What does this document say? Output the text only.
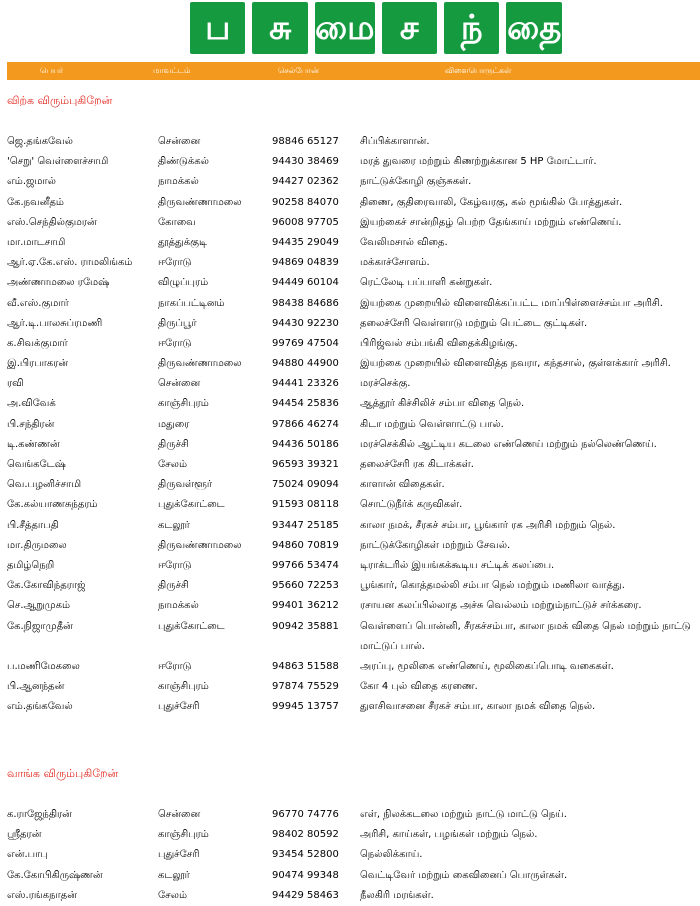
ப	சு மை ச	ந் தை
பெயர்	மாவட்டம்	செல்போன்	விளைபொருட்கள்
விற்க விரும்புகிறேன்
ஜெ.தங்கவேல்	சென்னை	98846 65127	சிப்பிக்காளான்.
'செறு' வெள்ளைச்சாமி	திண்டுக்கல்	94430 38469	மரத் துவரை மற்றும் கிணற்றுக்கான 5 HP மோட்டார்.
எம்.ஜமால்	நாமக்கல்	94427 02362	நாட்டுக்கோழி குஞ்சுகள்.
கே.நவனீதம்	திருவண்ணாமலை	90258 84070	திணை, குதிரைவாலி, கேழ்வரகு, கல் மூங்கில் போத்துகள்.
எஸ்.செந்தில்குமரன்	கோவை	96008 97705	இயற்கைச் சான்றிதழ் பெற்ற தேங்காய் மற்றும் எண்ணெய்.
மா.மாடசாமி	தூத்துக்குடி	94435 29049	வேலிமசால் விதை.
ஆர்.ஏ.கே.எஸ். ராமலிங்கம்	ஈரோடு	94869 04839	மக்காச்சோளம்.
அண்ணாமலை ரமேஷ்	விழுப்புரம்	94449 60104	ரெட்லேடி பப்பாளி கன்றுகள்.
வீ.எஸ்.குமார்	நாகப்பட்டினம்	98438 84686	இயற்கை முறையில் விளைவிக்கப்பட்ட மாப்பிள்ளைச்சம்பா அரிசி.
ஆர்.டி.பாலசுப்ரமணி	திருப்பூர்	94430 92230	தலைச்சேரி வெள்ளாடு மற்றும் பெட்டை குட்டிகள்.
க.சிவக்குமார்	ஈரோடு	99769 47504	பிரிஜ்வல் சம்பங்கி விதைக்கிழங்கு.
இ.பிரபாகரன்	திருவண்ணாமலை	94880 44900	இயற்கை முறையில் விளைவித்த நவரா, கந்தசால், குள்ளக்கார் அரிசி.
ரவி	சென்னை	94441 23326	மரச்செக்கு.
அ.விவேக்	காஞ்சிபுரம்	94454 25836	ஆத்தூர் கிச்சிலிச் சம்பா விதை நெல்.
பி.சந்திரன்	மதுரை	97866 46274	கிடா மற்றும் வெள்ளாட்டு பால்.
டி.கண்ணன்	திருச்சி	94436 50186	மரச்செக்கில் ஆட்டிய கடலை எண்ணெய் மற்றும் நல்லெண்ணெய்.
வெங்கடேஷ்	சேலம்	96593 39321	தலைச்சேரி ரக கிடாக்கள்.
வெ.பழனிச்சாமி	திருவள்ளூர்	75024 09094	காளான் விதைகள்.
கே.கல்யாணசுந்தரம்	புதுக்கோட்டை	91593 08118	சொட்டுநீர்க் கருவிகள்.
பி.சீத்தாபதி	கடலூர்	93447 25185	காலா நமக், சீரகச் சம்பா, பூங்கார் ரக அரிசி மற்றும் நெல்.
மா.திருமலை	திருவண்ணாமலை	94860 70819	நாட்டுக்கோழிகள் மற்றும் சேவல்.
தமிழ்நெறி	ஈரோடு	99766 53474	டிராக்டரில் இயங்கக்கூடிய சட்டிக் கலப்பை.
கே.கோவிந்தராஜ்	திருச்சி	95660 72253	பூங்கார், கொத்தமல்லி சம்பா நெல் மற்றும் மணிலா வாத்து.
செ.ஆறுமுகம்	நாமக்கல்	99401 36212	ரசாயன கலப்பில்லாத அச்சு வெல்லம் மற்றும்நாட்டுச் சர்க்கரை.
கே.நிஜாமுதீன்	புதுக்கோட்டை	90942 35881	வெள்ளைப் பொன்னி, சீரகச்சம்பா, காலா நமக் விதை நெல் மற்றும் நாட்டு மாட்டுப் பால்.
ப.மணிமேகலை	ஈரோடு	94863 51588	அரப்பு, மூலிகை எண்ணெய், மூலிகைப்பொடி வகைகள்.
பி.ஆனந்தன்	காஞ்சிபுரம்	97874 75529	கோ 4 புல் விதை கரணை.
எம்.தங்கவேல்	புதுச்சேரி	99945 13757	துளசிவாசனை சீரகச் சம்பா, காலா நமக் விதை நெல்.
வாங்க விரும்புகிறேன்
க.ராஜேந்திரன்	சென்னை	96770 74776	எள், நிலக்கடலை மற்றும் நாட்டு மாட்டு நெய்.
ஸ்ரீதரன்	காஞ்சிபுரம்	98402 80592	அரிசி, காய்கள், பழங்கள் மற்றும் நெல்.
என்.பாபு	புதுச்சேரி	93454 52800	நெல்லிக்காய்.
கே.கோபிகிருஷ்ணன்	கடலூர்	90474 99348	வெட்டிவேர் மற்றும் கைவினைப் பொருள்கள்.
எஸ்.ரங்கநாதன்	சேலம்	94429 58463	நீலகிரி மரங்கள்.
